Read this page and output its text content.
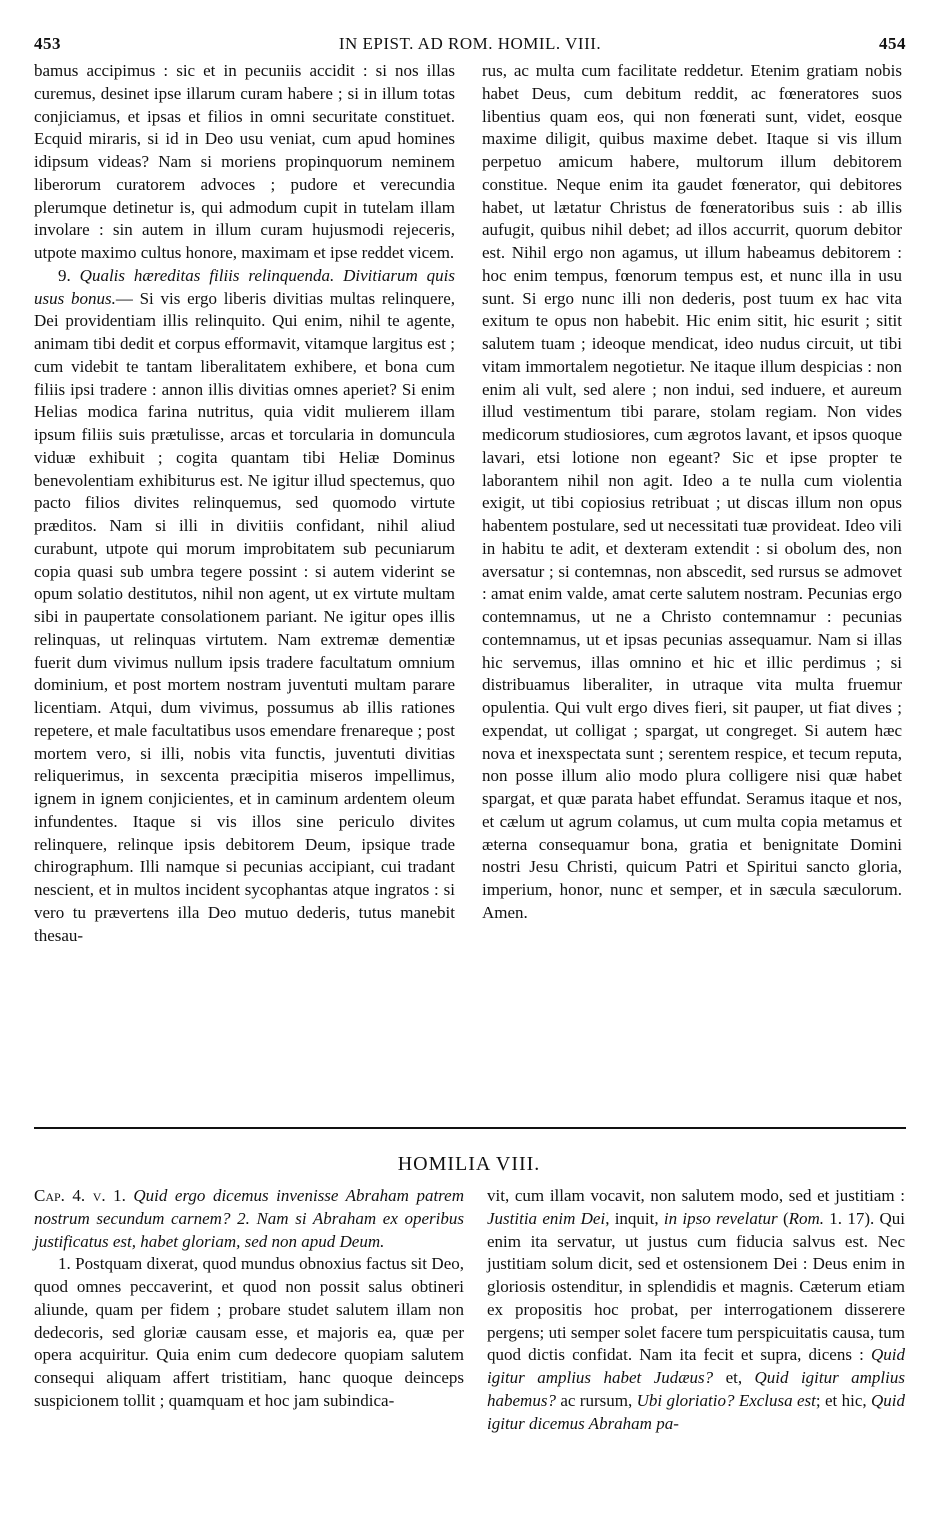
453	IN EPIST. AD ROM. HOMIL. VIII.	454

bamus accipimus : sic et in pecuniis accidit : si nos illas curemus, desinet ipse illarum curam habere ; si in illum totas conjiciamus, et ipsas et filios in omni securitate constituet. Ecquid miraris, si id in Deo usu veniat, cum apud homines idipsum videas? Nam si moriens propinquorum neminem liberorum curatorem advoces ; pudore et verecundia plerumque detinetur is, qui admodum cupit in tutelam illam involare : sin autem in illum curam hujusmodi rejeceris, utpote maximo cultus honore, maximam et ipse reddet vicem.

9. Qualis hæreditas filiis relinquenda. Divitiarum quis usus bonus.— Si vis ergo liberis divitias multas relinquere, Dei providentiam illis relinquito. Qui enim, nihil te agente, animam tibi dedit et corpus efformavit, vitamque largitus est ; cum videbit te tantam liberalitatem exhibere, et bona cum filiis ipsi tradere : annon illis divitias omnes aperiet? Si enim Helias modica farina nutritus, quia vidit mulierem illam ipsum filiis suis prætulisse, arcas et torcularia in domuncula viduæ exhibuit ; cogita quantam tibi Heliæ Dominus benevolentiam exhibiturus est. Ne igitur illud spectemus, quo pacto filios divites relinquemus, sed quomodo virtute præditos. Nam si illi in divitiis confidant, nihil aliud curabunt, utpote qui morum improbitatem sub pecuniarum copia quasi sub umbra tegere possint : si autem viderint se opum solatio destitutos, nihil non agent, ut ex virtute multam sibi in paupertate consolationem pariant. Ne igitur opes illis relinquas, ut relinquas virtutem. Nam extremæ dementiæ fuerit dum vivimus nullum ipsis tradere facultatum omnium dominium, et post mortem nostram juventuti multam parare licentiam. Atqui, dum vivimus, possumus ab illis rationes repetere, et male facultatibus usos emendare frenareque ; post mortem vero, si illi, nobis vita functis, juventuti divitias reliquerimus, in sexcenta præcipitia miseros impellimus, ignem in ignem conjicientes, et in caminum ardentem oleum infundentes. Itaque si vis illos sine periculo divites relinquere, relinque ipsis debitorem Deum, ipsique trade chirographum. Illi namque si pecunias accipiant, cui tradant nescient, et in multos incident sycophantas atque ingratos : si vero tu prævertens illa Deo mutuo dederis, tutus manebit thesau-

rus, ac multa cum facilitate reddetur. Etenim gratiam nobis habet Deus, cum debitum reddit, ac fœneratores suos libentius quam eos, qui non fœnerati sunt, videt, eosque maxime diligit, quibus maxime debet. Itaque si vis illum perpetuo amicum habere, multorum illum debitorem constitue. Neque enim ita gaudet fœnerator, qui debitores habet, ut lætatur Christus de fœneratoribus suis : ab illis aufugit, quibus nihil debet; ad illos accurrit, quorum debitor est. Nihil ergo non agamus, ut illum habeamus debitorem : hoc enim tempus, fœnorum tempus est, et nunc illa in usu sunt. Si ergo nunc illi non dederis, post tuum ex hac vita exitum te opus non habebit. Hic enim sitit, hic esurit ; sitit salutem tuam ; ideoque mendicat, ideo nudus circuit, ut tibi vitam immortalem negotietur. Ne itaque illum despicias : non enim ali vult, sed alere ; non indui, sed induere, et aureum illud vestimentum tibi parare, stolam regiam. Non vides medicorum studiosiores, cum ægrotos lavant, et ipsos quoque lavari, etsi lotione non egeant? Sic et ipse propter te laborantem nihil non agit. Ideo a te nulla cum violentia exigit, ut tibi copiosius retribuat ; ut discas illum non opus habentem postulare, sed ut necessitati tuæ provideat. Ideo vili in habitu te adit, et dexteram extendit : si obolum des, non aversatur ; si contemnas, non abscedit, sed rursus se admovet : amat enim valde, amat certe salutem nostram. Pecunias ergo contemnamus, ut ne a Christo contemnamur : pecunias contemnamus, ut et ipsas pecunias assequamur. Nam si illas hic servemus, illas omnino et hic et illic perdimus ; si distribuamus liberaliter, in utraque vita multa fruemur opulentia. Qui vult ergo dives fieri, sit pauper, ut fiat dives ; expendat, ut colligat ; spargat, ut congreget. Si autem hæc nova et inexspectata sunt ; serentem respice, et tecum reputa, non posse illum alio modo plura colligere nisi quæ habet spargat, et quæ parata habet effundat. Seramus itaque et nos, et cælum ut agrum colamus, ut cum multa copia metamus et æterna consequamur bona, gratia et benignitate Domini nostri Jesu Christi, quicum Patri et Spiritui sancto gloria, imperium, honor, nunc et semper, et in sæcula sæculorum. Amen.

HOMILIA VIII.

Cap. 4. v. 1. Quid ergo dicemus invenisse Abraham patrem nostrum secundum carnem? 2. Nam si Abraham ex operibus justificatus est, habet gloriam, sed non apud Deum.

1. Postquam dixerat, quod mundus obnoxius factus sit Deo, quod omnes peccaverint, et quod non possit salus obtineri aliunde, quam per fidem ; probare studet salutem illam non dedecoris, sed gloriæ causam esse, et majoris ea, quæ per opera acquiritur. Quia enim cum dedecore quopiam salutem consequi aliquam affert tristitiam, hanc quoque deinceps suspicionem tollit ; quamquam et hoc jam subindica-

vit, cum illam vocavit, non salutem modo, sed et justitiam : Justitia enim Dei, inquit, in ipso revelatur (Rom. 1. 17). Qui enim ita servatur, ut justus cum fiducia salvus est. Nec justitiam solum dicit, sed et ostensionem Dei : Deus enim in gloriosis ostenditur, in splendidis et magnis. Cæterum etiam ex propositis hoc probat, per interrogationem disserere pergens; uti semper solet facere tum perspicuitatis causa, tum quod dictis confidat. Nam ita fecit et supra, dicens : Quid igitur amplius habet Judæus? et, Quid igitur amplius habemus? ac rursum, Ubi gloriatio? Exclusa est; et hic, Quid igitur dicemus Abraham pa-
